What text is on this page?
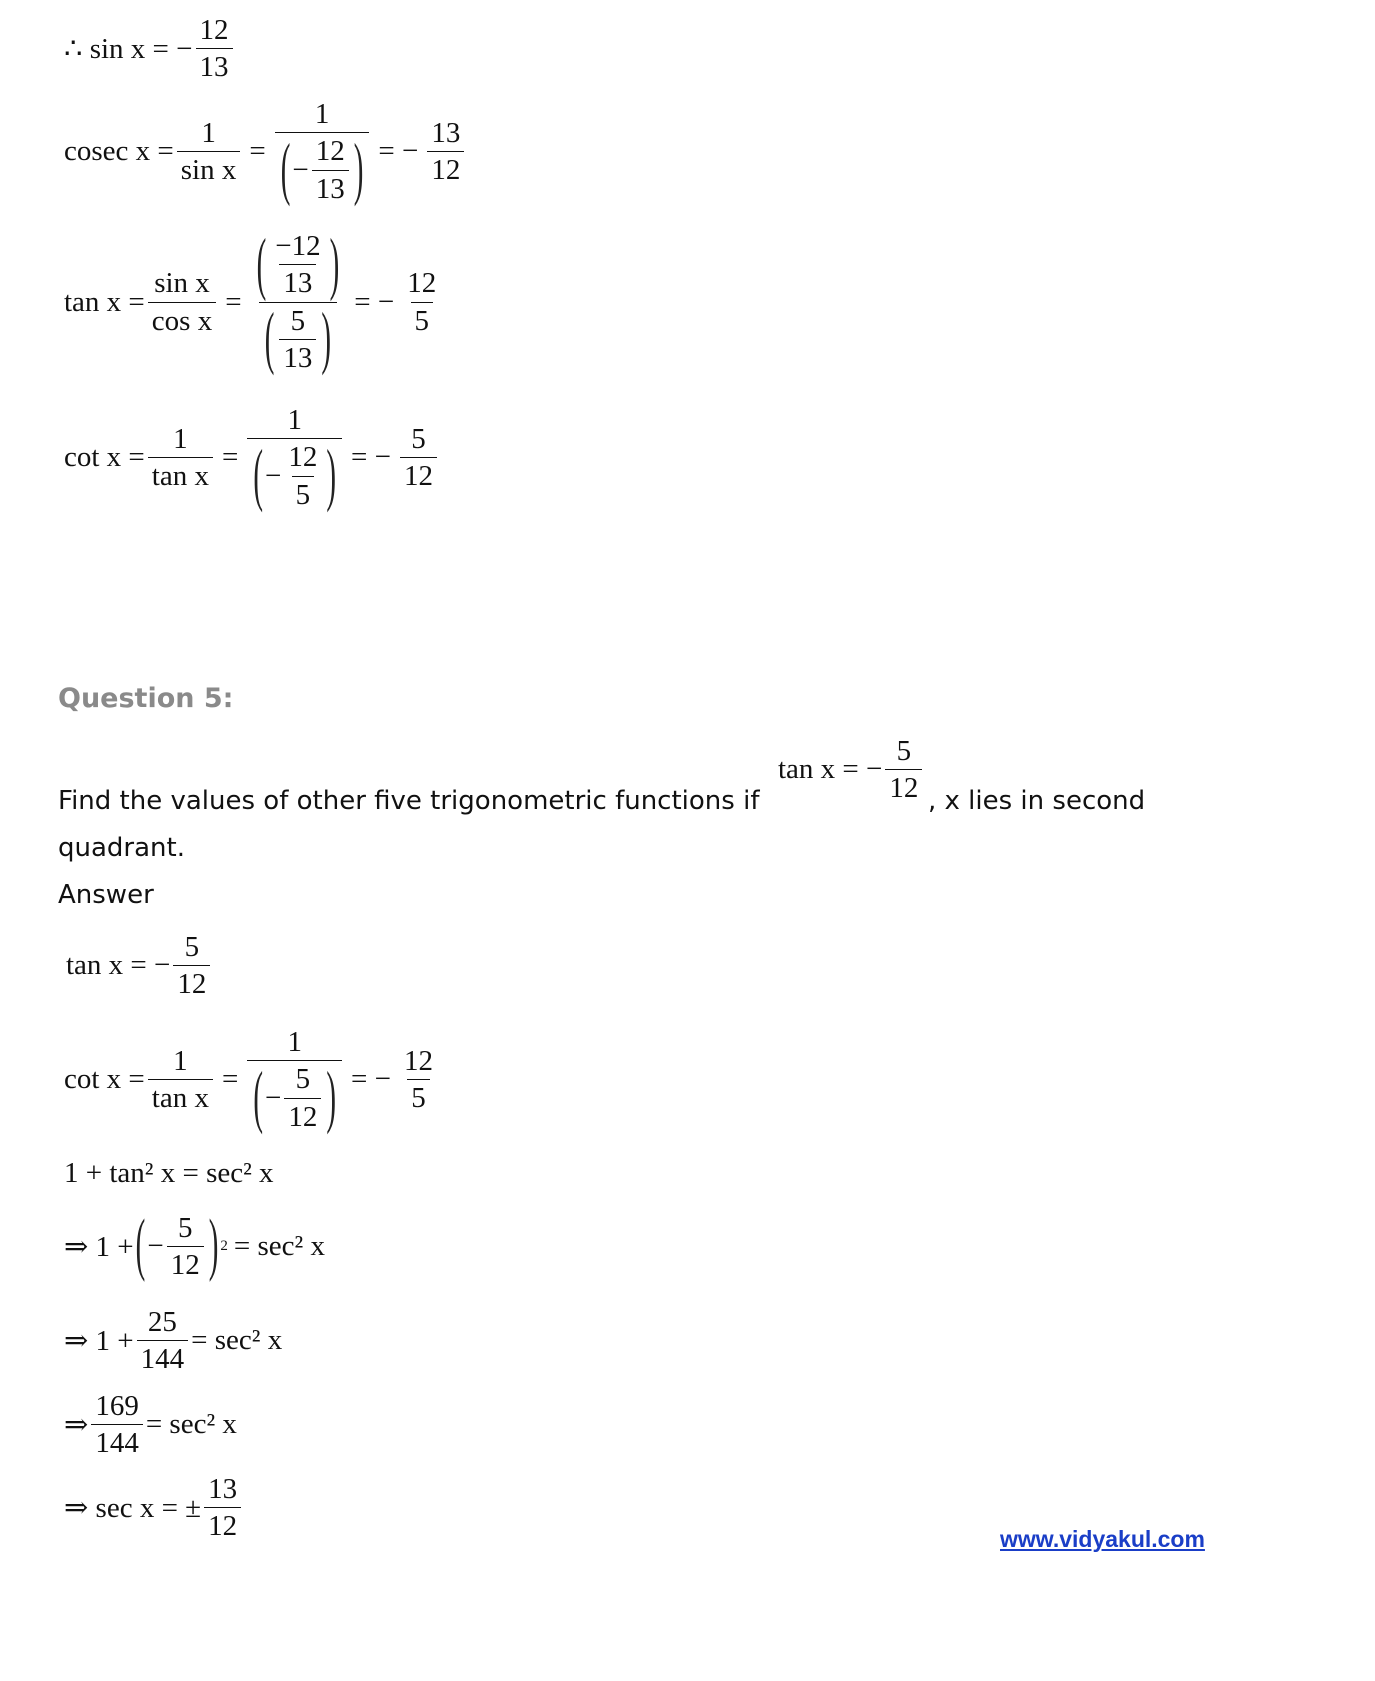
∴ sin x = − $\frac{12}{13}$
cosec $x = \frac{1}{\text{sin x}} = \frac{1}{( - \frac{12}{13} )}$ = − $\frac{13}{12}$
$\tan x = \frac{\text{sin x}}{\text{cos x}} = \frac{( \frac{-12}{13} )}{( \frac{5}{13} )}$ = − $\frac{12}{5}$
$\cot x = \frac{1}{\text{tan x}} = \frac{1}{( - \frac{12}{5} )}$ = − $\frac{5}{12}$
Question 5:
Find the values of other five trigonometric functions if
tan x = − $\frac{5}{12}$ , x lies in second
quadrant.
Answer
tan x = − $\frac{5}{12}$
$\cot x = \frac{1}{\text{tan x}} = \frac{1}{( - \frac{5}{12} )}$ = − $\frac{12}{5}$
1 + tan² x = sec² x
⇒ 1 + ( − $\frac{5}{12}$ ) 2 = sec² x
⇒ $1 + \frac{25}{144} = \sec^2$ x
⇒ $\frac{169}{144} = \sec^2$ x
⇒ sec x = ± $\frac{13}{12}$	www.vidyakul.com
